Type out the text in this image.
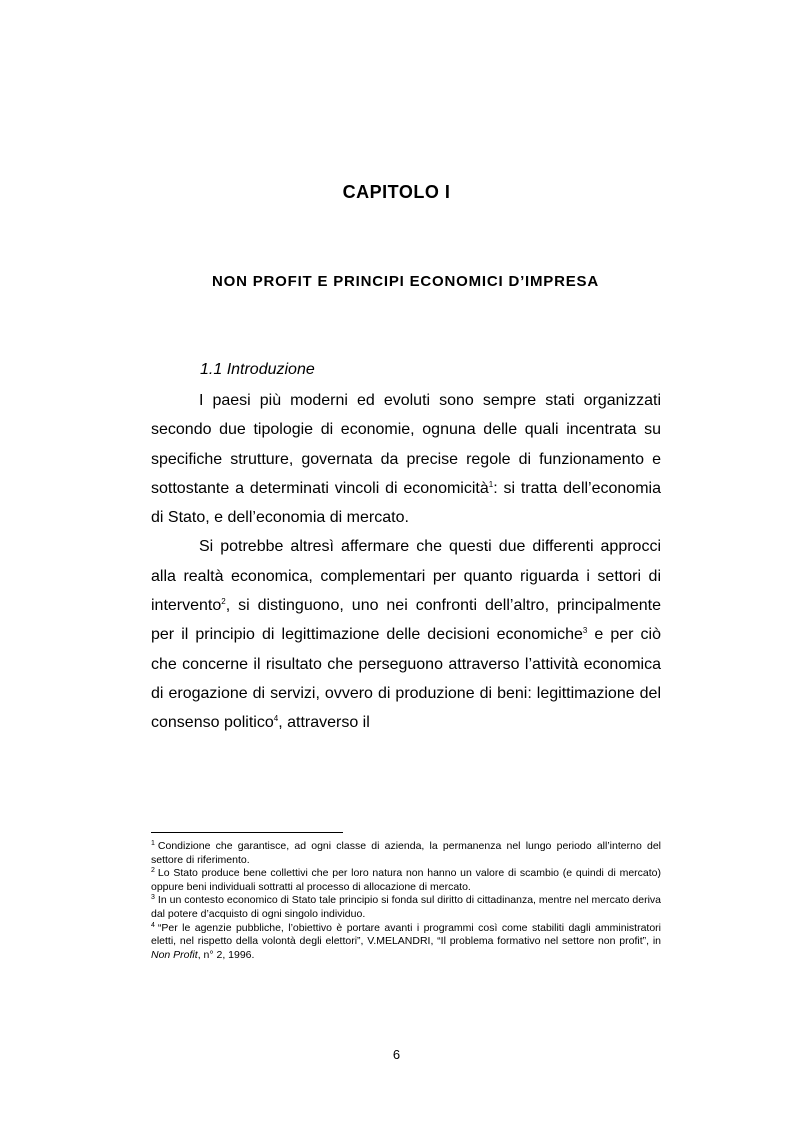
CAPITOLO I
NON PROFIT E PRINCIPI ECONOMICI D’IMPRESA
1.1 Introduzione

I paesi più moderni ed evoluti sono sempre stati organizzati secondo due tipologie di economie, ognuna delle quali incentrata su specifiche strutture, governata da precise regole di funzionamento e sottostante a determinati vincoli di economicità$^1$: si tratta dell’economia di Stato, e dell’economia di mercato.

Si potrebbe altresì affermare che questi due differenti approcci alla realtà economica, complementari per quanto riguarda i settori di intervento$^2$, si distinguono, uno nei confronti dell’altro, principalmente per il principio di legittimazione delle decisioni economiche$^3$ e per ciò che concerne il risultato che perseguono attraverso l’attività economica di erogazione di servizi, ovvero di produzione di beni: legittimazione del consenso politico$^4$, attraverso il

$^1$ Condizione che garantisce, ad ogni classe di azienda, la permanenza nel lungo periodo all’interno del settore di riferimento.

$^2$ Lo Stato produce bene collettivi che per loro natura non hanno un valore di scambio (e quindi di mercato) oppure beni individuali sottratti al processo di allocazione di mercato.

$^3$ In un contesto economico di Stato tale principio si fonda sul diritto di cittadinanza, mentre nel mercato deriva dal potere d’acquisto di ogni singolo individuo.

$^4$ “Per le agenzie pubbliche, l’obiettivo è portare avanti i programmi così come stabiliti dagli amministratori eletti, nel rispetto della volontà degli elettori”, V.MELANDRI, “Il problema formativo nel settore non profit”, in Non Profit, n° 2, 1996.

6
